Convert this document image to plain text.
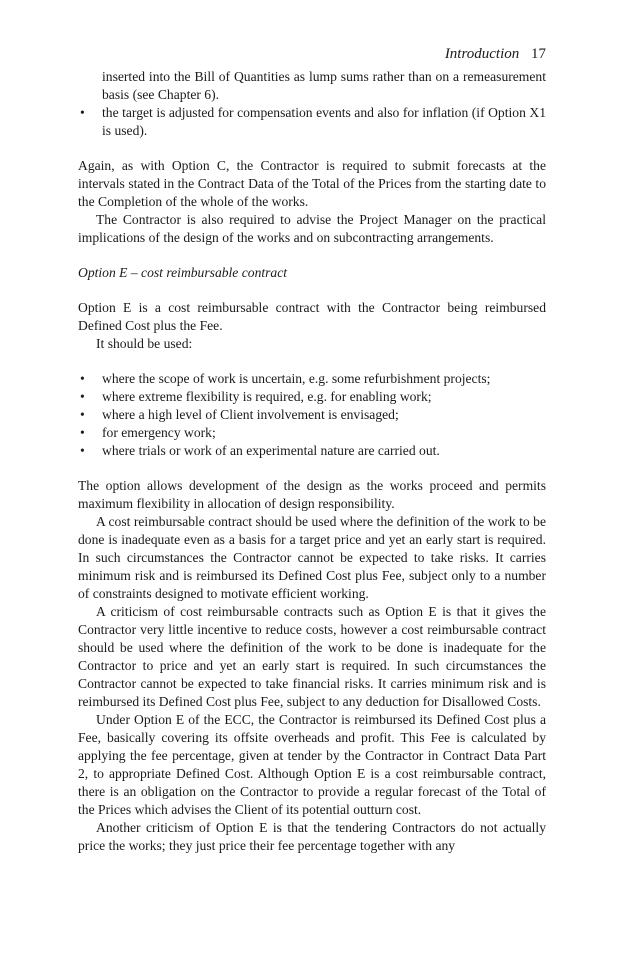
Introduction 17

inserted into the Bill of Quantities as lump sums rather than on a remeasurement basis (see Chapter 6).

• the target is adjusted for compensation events and also for inflation (if Option X1 is used).

Again, as with Option C, the Contractor is required to submit forecasts at the intervals stated in the Contract Data of the Total of the Prices from the starting date to the Completion of the whole of the works.

The Contractor is also required to advise the Project Manager on the practical implications of the design of the works and on subcontracting arrangements.

Option E – cost reimbursable contract

Option E is a cost reimbursable contract with the Contractor being reimbursed Defined Cost plus the Fee.

It should be used:

• where the scope of work is uncertain, e.g. some refurbishment projects;
• where extreme flexibility is required, e.g. for enabling work;
• where a high level of Client involvement is envisaged;
• for emergency work;
• where trials or work of an experimental nature are carried out.

The option allows development of the design as the works proceed and permits maximum flexibility in allocation of design responsibility.

A cost reimbursable contract should be used where the definition of the work to be done is inadequate even as a basis for a target price and yet an early start is required. In such circumstances the Contractor cannot be expected to take risks. It carries minimum risk and is reimbursed its Defined Cost plus Fee, subject only to a number of constraints designed to motivate efficient working.

A criticism of cost reimbursable contracts such as Option E is that it gives the Contractor very little incentive to reduce costs, however a cost reimbursable contract should be used where the definition of the work to be done is inadequate for the Contractor to price and yet an early start is required. In such circumstances the Contractor cannot be expected to take financial risks. It carries minimum risk and is reimbursed its Defined Cost plus Fee, subject to any deduction for Disallowed Costs.

Under Option E of the ECC, the Contractor is reimbursed its Defined Cost plus a Fee, basically covering its offsite overheads and profit. This Fee is calculated by applying the fee percentage, given at tender by the Contractor in Contract Data Part 2, to appropriate Defined Cost. Although Option E is a cost reimbursable contract, there is an obligation on the Contractor to provide a regular forecast of the Total of the Prices which advises the Client of its potential outturn cost.

Another criticism of Option E is that the tendering Contractors do not actually price the works; they just price their fee percentage together with any
